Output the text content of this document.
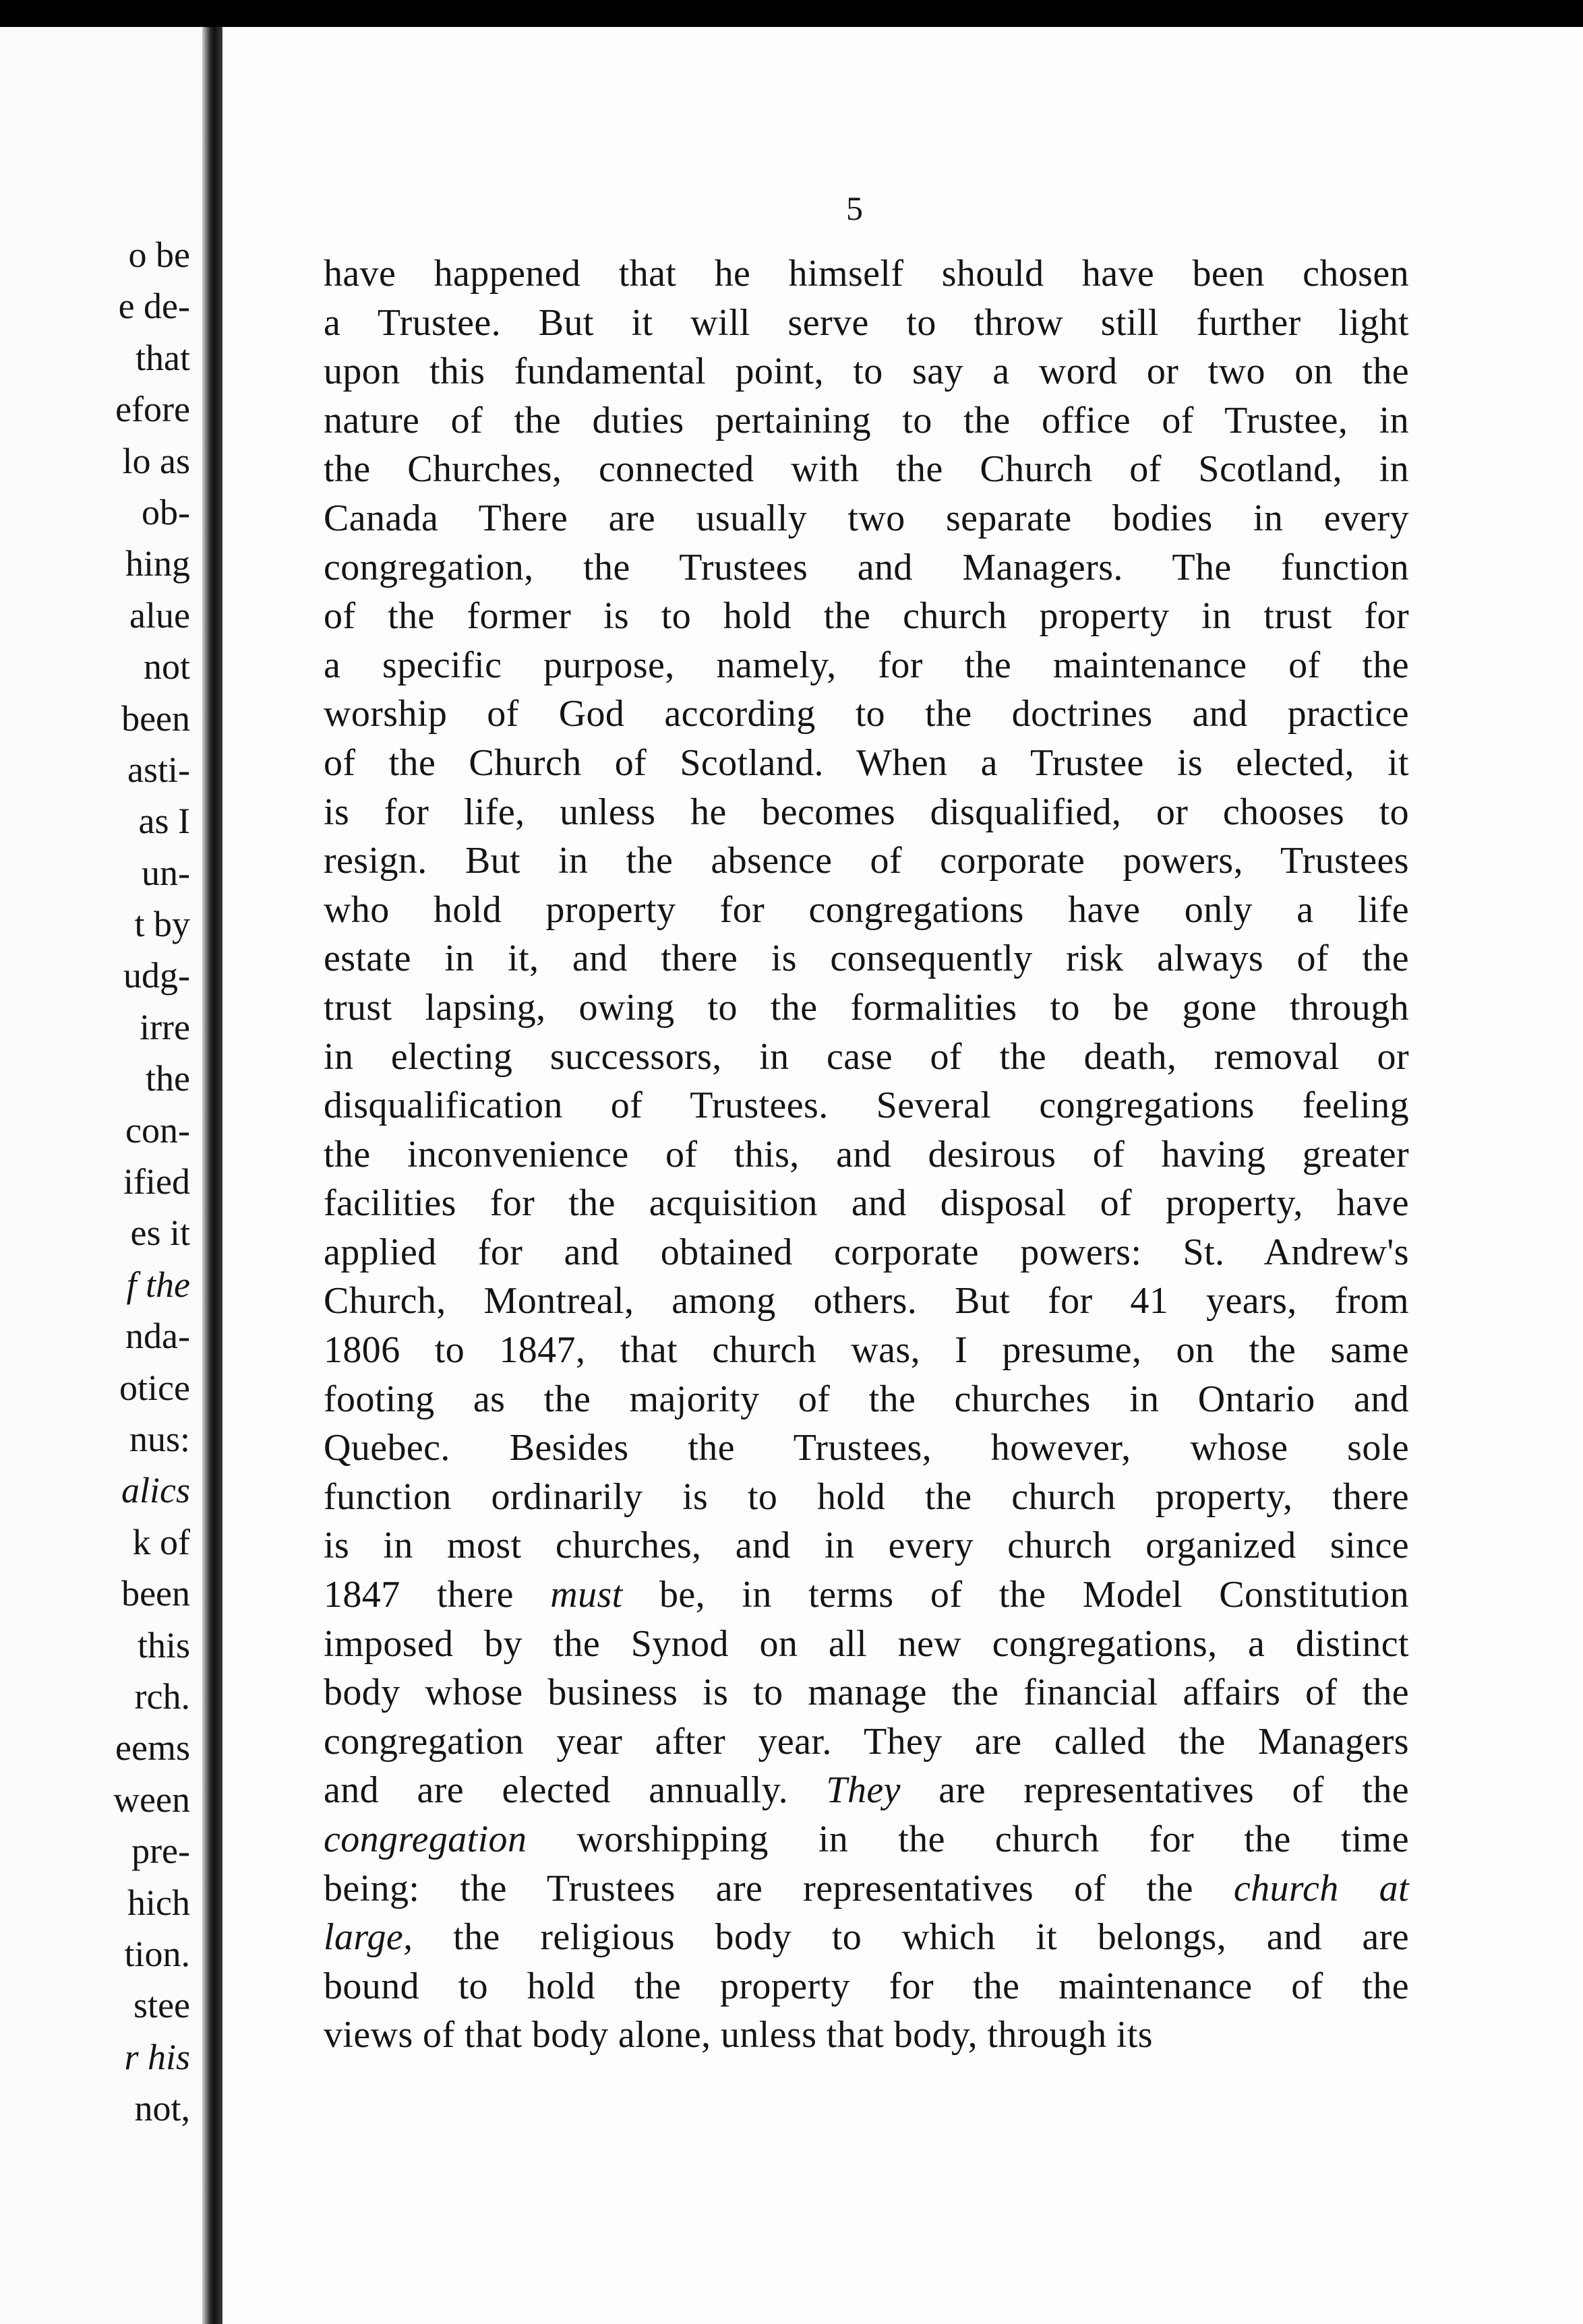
o be
e de-
that
efore
lo as
ob-
hing
alue
not
been
asti-
as I
un-
t by
udg-
irre
the
con-
ified
es it
f the
nda-
otice
nus:
alics
k of
been
this
rch.
eems
ween
pre-
hich
tion.
stee
r his
not,
5
have happened that he himself should have been chosen
a Trustee. But it will serve to throw still further light
upon this fundamental point, to say a word or two on the
nature of the duties pertaining to the office of Trustee, in
the Churches, connected with the Church of Scotland, in
Canada There are usually two separate bodies in every
congregation, the Trustees and Managers. The function
of the former is to hold the church property in trust for
a specific purpose, namely, for the maintenance of the
worship of God according to the doctrines and practice
of the Church of Scotland. When a Trustee is elected, it
is for life, unless he becomes disqualified, or chooses to
resign. But in the absence of corporate powers, Trustees
who hold property for congregations have only a life
estate in it, and there is consequently risk always of the
trust lapsing, owing to the formalities to be gone through
in electing successors, in case of the death, removal or
disqualification of Trustees. Several congregations feeling
the inconvenience of this, and desirous of having greater
facilities for the acquisition and disposal of property, have
applied for and obtained corporate powers: St. Andrew's
Church, Montreal, among others. But for 41 years, from
1806 to 1847, that church was, I presume, on the same
footing as the majority of the churches in Ontario and
Quebec. Besides the Trustees, however, whose sole
function ordinarily is to hold the church property, there
is in most churches, and in every church organized since
1847 there must be, in terms of the Model Constitution
imposed by the Synod on all new congregations, a distinct
body whose business is to manage the financial affairs of the
congregation year after year. They are called the Managers
and are elected annually. They are representatives of the
congregation worshipping in the church for the time
being: the Trustees are representatives of the church at
large, the religious body to which it belongs, and are
bound to hold the property for the maintenance of the
views of that body alone, unless that body, through its
